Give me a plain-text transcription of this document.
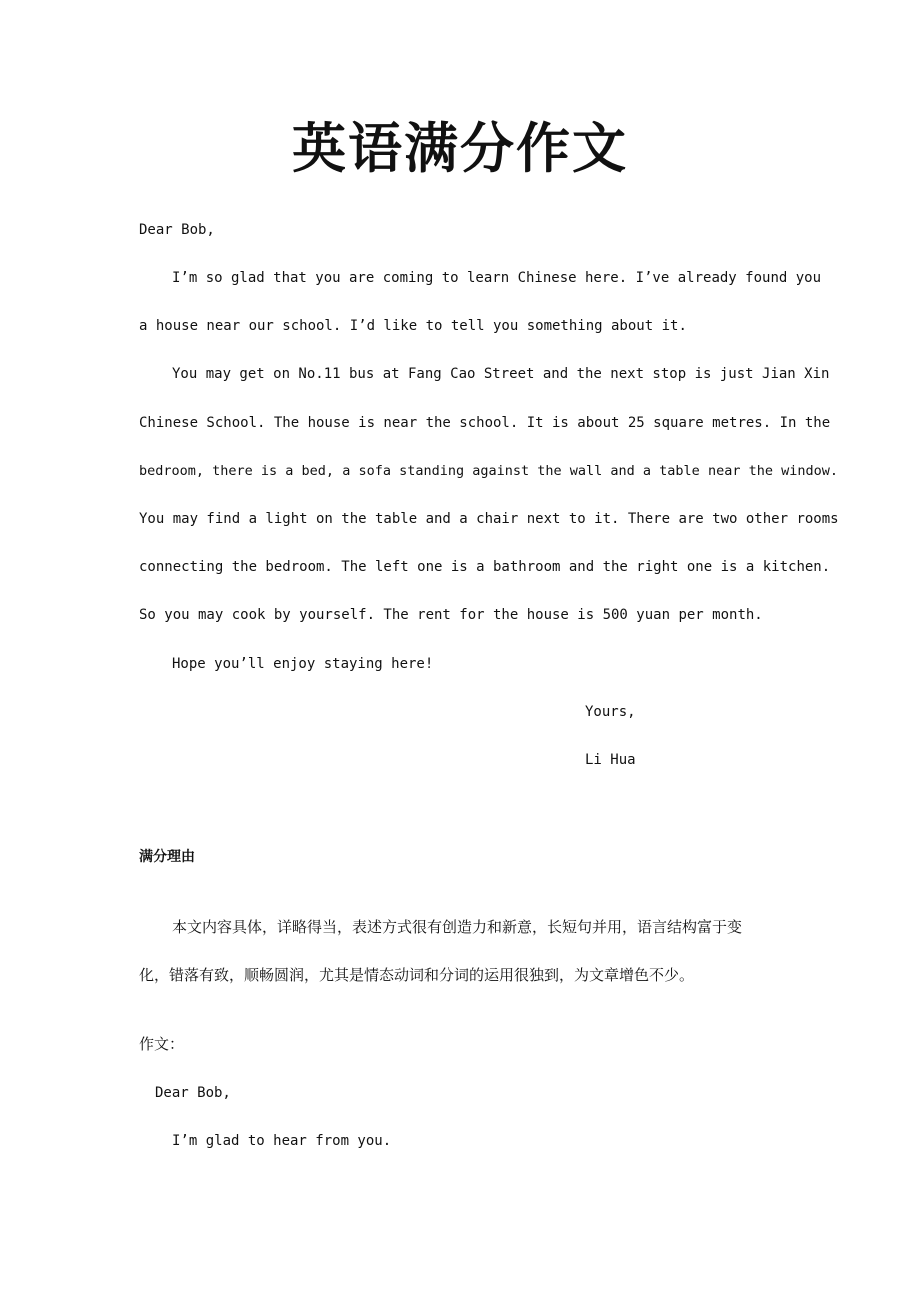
英语满分作文

Dear Bob,

I’m so glad that you are coming to learn Chinese here. I’ve already found you

a house near our school. I’d like to tell you something about it.

You may get on No.11 bus at Fang Cao Street and the next stop is just Jian Xin

Chinese School. The house is near the school. It is about 25 square metres. In the

bedroom, there is a bed, a sofa standing against the wall and a table near the window.

You may find a light on the table and a chair next to it. There are two other rooms

connecting the bedroom. The left one is a bathroom and the right one is a kitchen.

So you may cook by yourself. The rent for the house is 500 yuan per month.

Hope you’ll enjoy staying here!

Yours,

Li Hua

满分理由

本文内容具体，详略得当，表述方式很有创造力和新意，长短句并用，语言结构富于变

化，错落有致，顺畅圆润，尤其是情态动词和分词的运用很独到，为文章增色不少。

作文：

Dear Bob,

I’m glad to hear from you.
